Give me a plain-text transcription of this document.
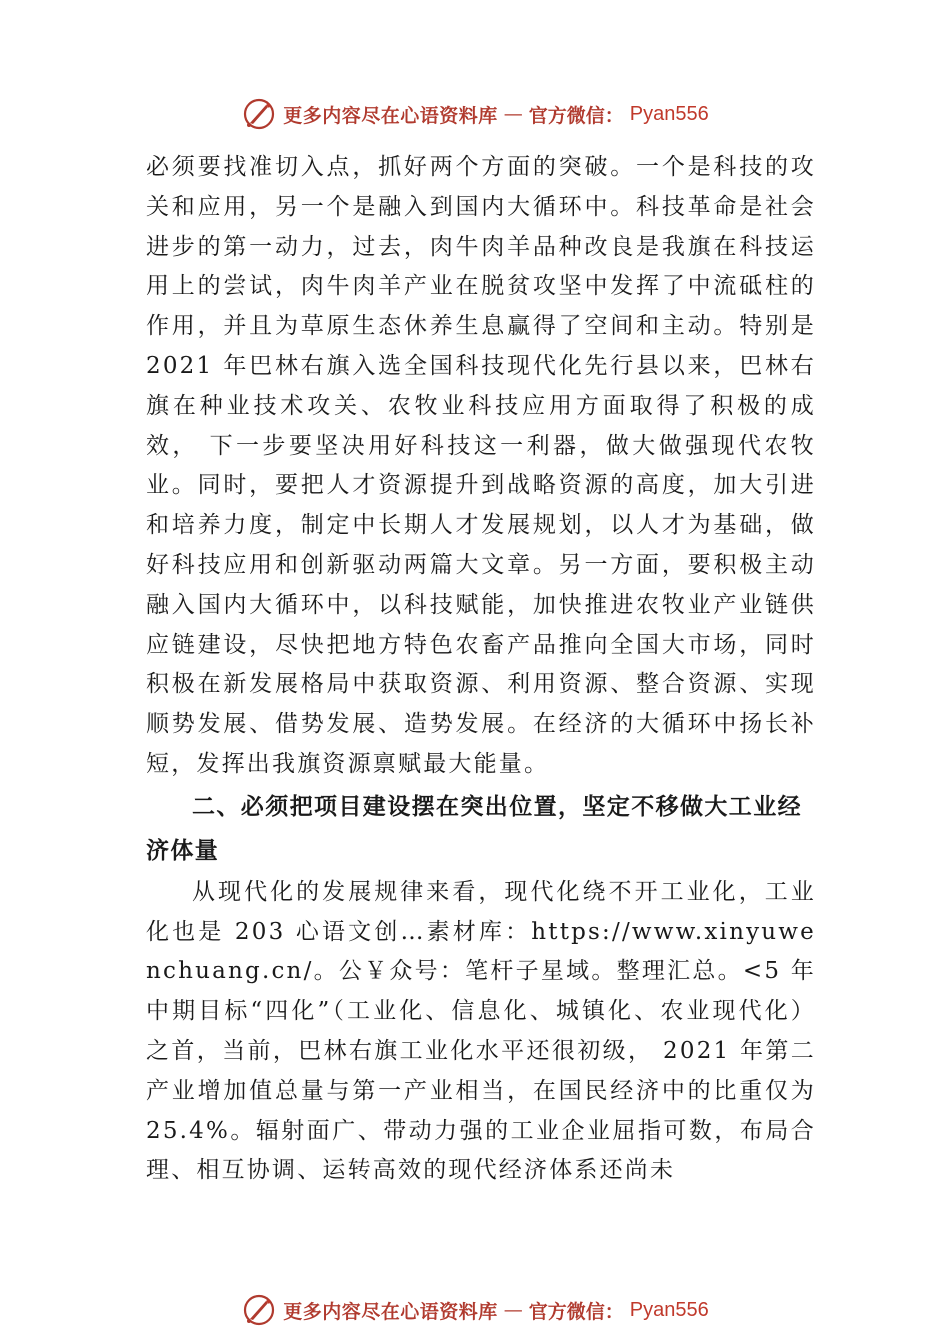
更多内容尽在心语资料库 — 官方微信： Pyan556

必须要找准切入点，抓好两个方面的突破。一个是科技的攻关和应用，另一个是融入到国内大循环中。科技革命是社会进步的第一动力，过去，肉牛肉羊品种改良是我旗在科技运用上的尝试，肉牛肉羊产业在脱贫攻坚中发挥了中流砥柱的作用，并且为草原生态休养生息赢得了空间和主动。特别是 2021 年巴林右旗入选全国科技现代化先行县以来，巴林右旗在种业技术攻关、农牧业科技应用方面取得了积极的成效， 下一步要坚决用好科技这一利器，做大做强现代农牧业。同时，要把人才资源提升到战略资源的高度，加大引进和培养力度，制定中长期人才发展规划，以人才为基础，做好科技应用和创新驱动两篇大文章。另一方面，要积极主动融入国内大循环中，以科技赋能，加快推进农牧业产业链供应链建设，尽快把地方特色农畜产品推向全国大市场，同时积极在新发展格局中获取资源、利用资源、整合资源、实现顺势发展、借势发展、造势发展。在经济的大循环中扬长补短，发挥出我旗资源禀赋最大能量。

二、必须把项目建设摆在突出位置，坚定不移做大工业经济体量

从现代化的发展规律来看，现代化绕不开工业化，工业化也是 203 心语文创…素材库：https://www.xinyuwenchuang.cn/。公￥众号：笔杆子星域。整理汇总。<5 年中期目标“四化”（工业化、信息化、城镇化、农业现代化）之首，当前，巴林右旗工业化水平还很初级， 2021 年第二产业增加值总量与第一产业相当，在国民经济中的比重仅为 25.4%。辐射面广、带动力强的工业企业屈指可数，布局合理、相互协调、运转高效的现代经济体系还尚未

更多内容尽在心语资料库 — 官方微信： Pyan556
